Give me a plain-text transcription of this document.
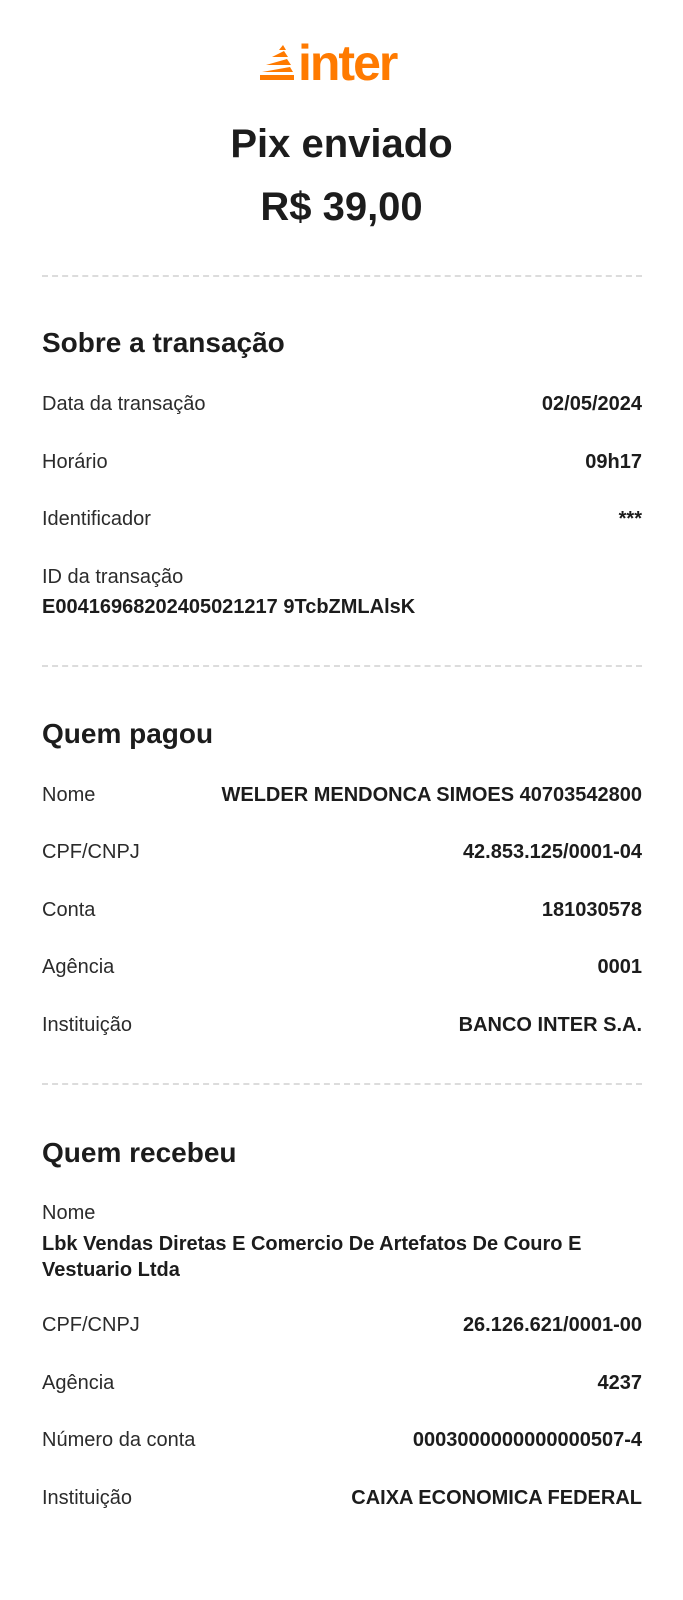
inter
Pix enviado
R$ 39,00
Sobre a transação
Data da transação	02/05/2024
Horário	09h17
Identificador	***
ID da transação
E00416968202405021217 9TcbZMLAlsK
Quem pagou
Nome	WELDER MENDONCA SIMOES 40703542800
CPF/CNPJ	42.853.125/0001-04
Conta	181030578
Agência	0001
Instituição	BANCO INTER S.A.
Quem recebeu
Nome
Lbk Vendas Diretas E Comercio De Artefatos De Couro E Vestuario Ltda
CPF/CNPJ	26.126.621/0001-00
Agência	4237
Número da conta	0003000000000000507-4
Instituição	CAIXA ECONOMICA FEDERAL
